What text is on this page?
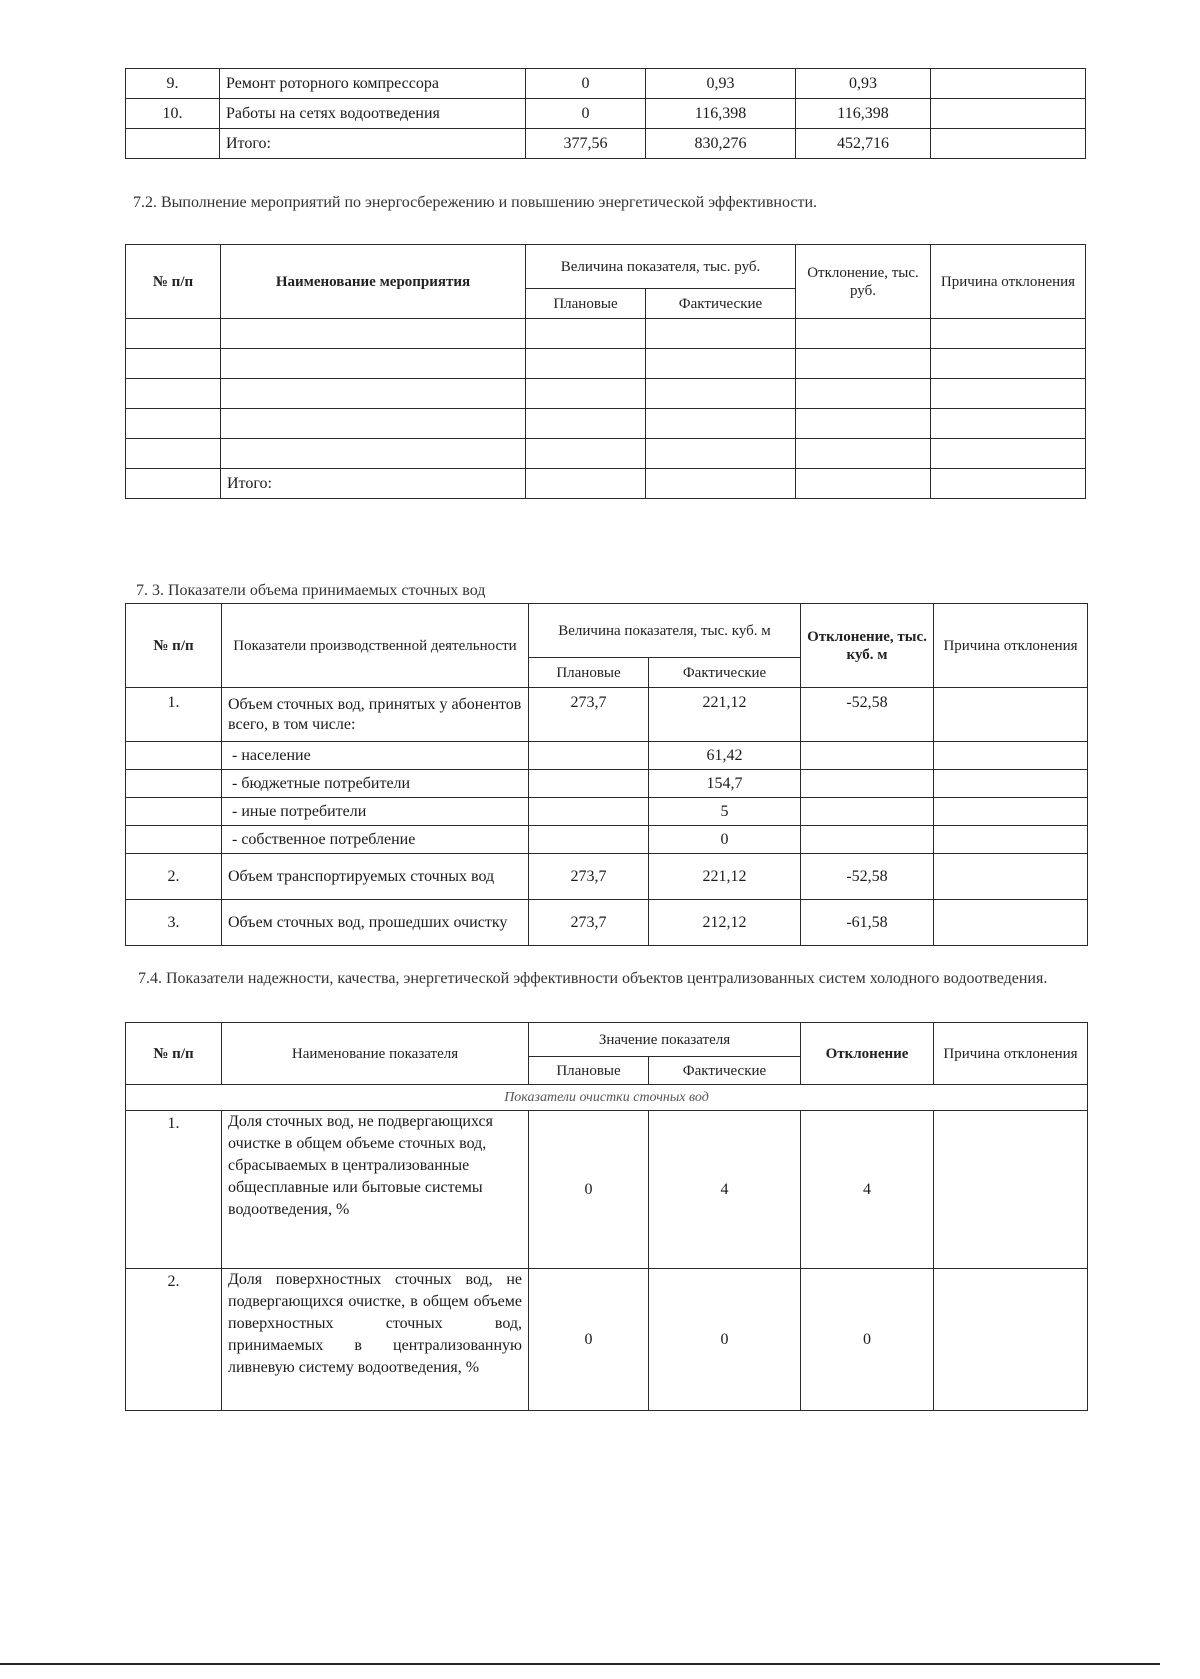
9.	Ремонт роторного компрессора	0	0,93	0,93	
10.	Работы на сетях водоотведения	0	116,398	116,398	
	Итого:	377,56	830,276	452,716	
7.2. Выполнение мероприятий по энергосбережению и повышению энергетической эффективности.
№ п/п	Наименование мероприятия	Величина показателя, тыс. руб.		Отклонение, тыс. руб.	Причина отклонения
		Плановые	Фактические		

	Итого:				
7. 3. Показатели объема принимаемых сточных вод
№ п/п	Показатели производственной деятельности	Величина показателя, тыс. куб. м		Отклонение, тыс. куб. м	Причина отклонения
		Плановые	Фактические		
1.	Объем сточных вод, принятых у абонентов всего, в том числе:	273,7	221,12	-52,58	
	- население		61,42		
	- бюджетные потребители		154,7		
	- иные потребители		5		
	- собственное потребление		0		
2.	Объем транспортируемых сточных вод	273,7	221,12	-52,58	
3.	Объем сточных вод, прошедших очистку	273,7	212,12	-61,58	
7.4. Показатели надежности, качества, энергетической эффективности объектов централизованных систем холодного водоотведения.
№ п/п	Наименование показателя	Значение показателя		Отклонение	Причина отклонения
		Плановые	Фактические		
Показатели очистки сточных вод					
1.	Доля сточных вод, не подвергающихся очистке в общем объеме сточных вод, сбрасываемых в централизованные общесплавные или бытовые системы водоотведения, %	0	4	4	
2.	Доля поверхностных сточных вод, не подвергающихся очистке, в общем объеме поверхностных сточных вод, принимаемых в централизованную ливневую систему водоотведения, %	0	0	0	
